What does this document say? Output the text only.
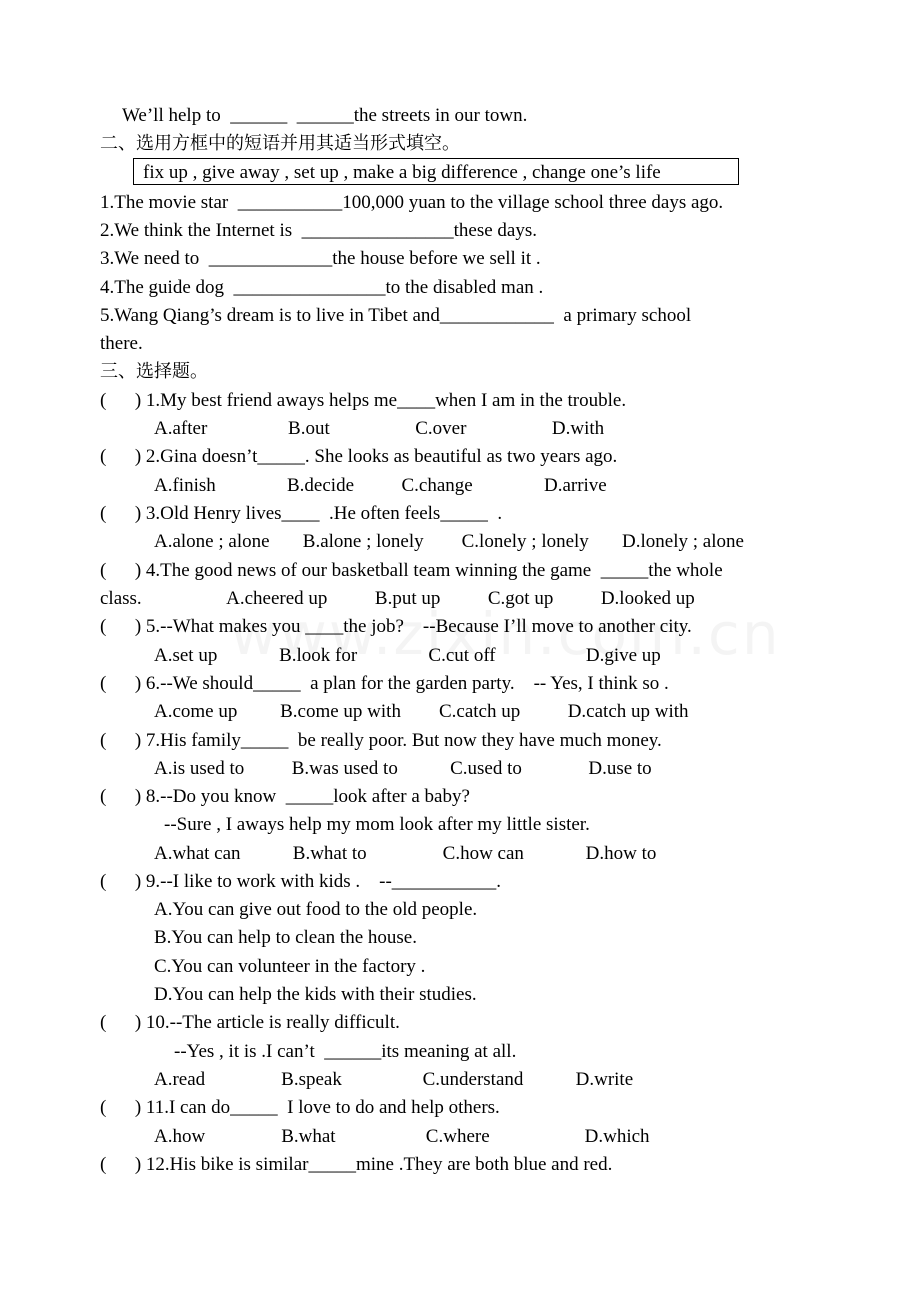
We’ll help to  ______  ______the streets in our town.
二、选用方框中的短语并用其适当形式填空。
fix up , give away , set up , make a big difference , change one’s life
1.The movie star  ___________100,000 yuan to the village school three days ago.
2.We think the Internet is  ________________these days.
3.We need to  _____________the house before we sell it .
4.The guide dog  ________________to the disabled man .
5.Wang Qiang’s dream is to live in Tibet and____________  a primary school
there.
三、选择题。
(      ) 1.My best friend aways helps me____when I am in the trouble.
A.after                 B.out                  C.over                  D.with
(      ) 2.Gina doesn’t_____. She looks as beautiful as two years ago.
A.finish               B.decide          C.change               D.arrive
(      ) 3.Old Henry lives____  .He often feels_____  .
A.alone ; alone       B.alone ; lonely        C.lonely ; lonely       D.lonely ; alone
(      ) 4.The good news of our basketball team winning the game  _____the whole
class.                  A.cheered up          B.put up          C.got up          D.looked up
(      ) 5.--What makes you ____the job?    --Because I’ll move to another city.
A.set up             B.look for               C.cut off                   D.give up
(      ) 6.--We should_____  a plan for the garden party.    -- Yes, I think so .
A.come up         B.come up with        C.catch up          D.catch up with
(      ) 7.His family_____  be really poor. But now they have much money.
A.is used to          B.was used to           C.used to              D.use to
(      ) 8.--Do you know  _____look after a baby?
--Sure , I aways help my mom look after my little sister.
A.what can           B.what to                C.how can             D.how to
(      ) 9.--I like to work with kids .    --___________.
A.You can give out food to the old people.
B.You can help to clean the house.
C.You can volunteer in the factory .
D.You can help the kids with their studies.
(      ) 10.--The article is really difficult.
--Yes , it is .I can’t  ______its meaning at all.
A.read                B.speak                 C.understand           D.write
(      ) 11.I can do_____  I love to do and help others.
A.how                B.what                   C.where                    D.which
(      ) 12.His bike is similar_____mine .They are both blue and red.
